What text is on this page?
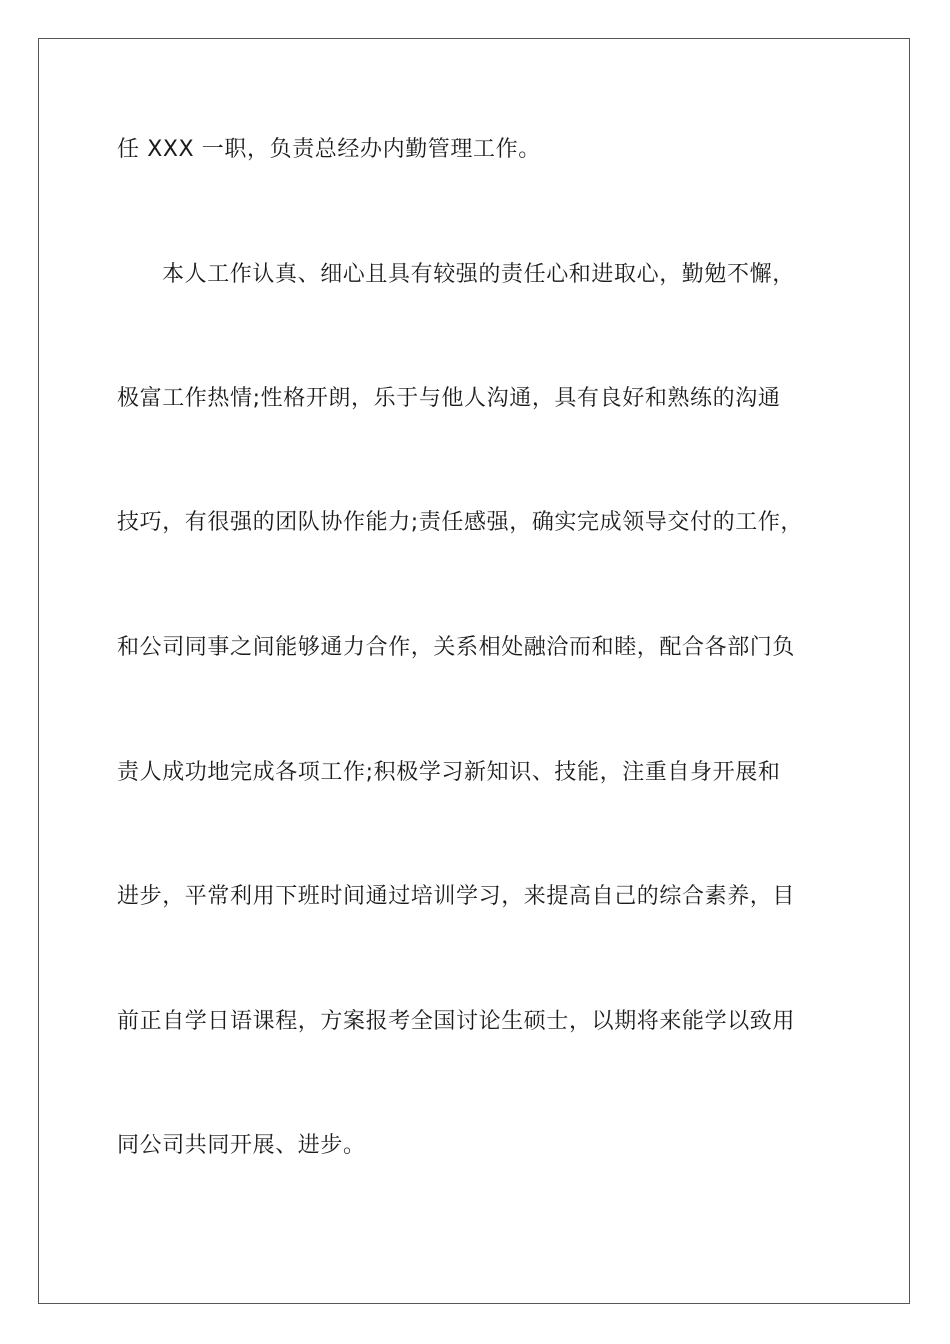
任 XXX 一职，负责总经办内勤管理工作。
本人工作认真、细心且具有较强的责任心和进取心，勤勉不懈，
极富工作热情;性格开朗，乐于与他人沟通，具有良好和熟练的沟通
技巧，有很强的团队协作能力;责任感强，确实完成领导交付的工作，
和公司同事之间能够通力合作，关系相处融洽而和睦，配合各部门负
责人成功地完成各项工作;积极学习新知识、技能，注重自身开展和
进步，平常利用下班时间通过培训学习，来提高自己的综合素养，目
前正自学日语课程，方案报考全国讨论生硕士，以期将来能学以致用
同公司共同开展、进步。
